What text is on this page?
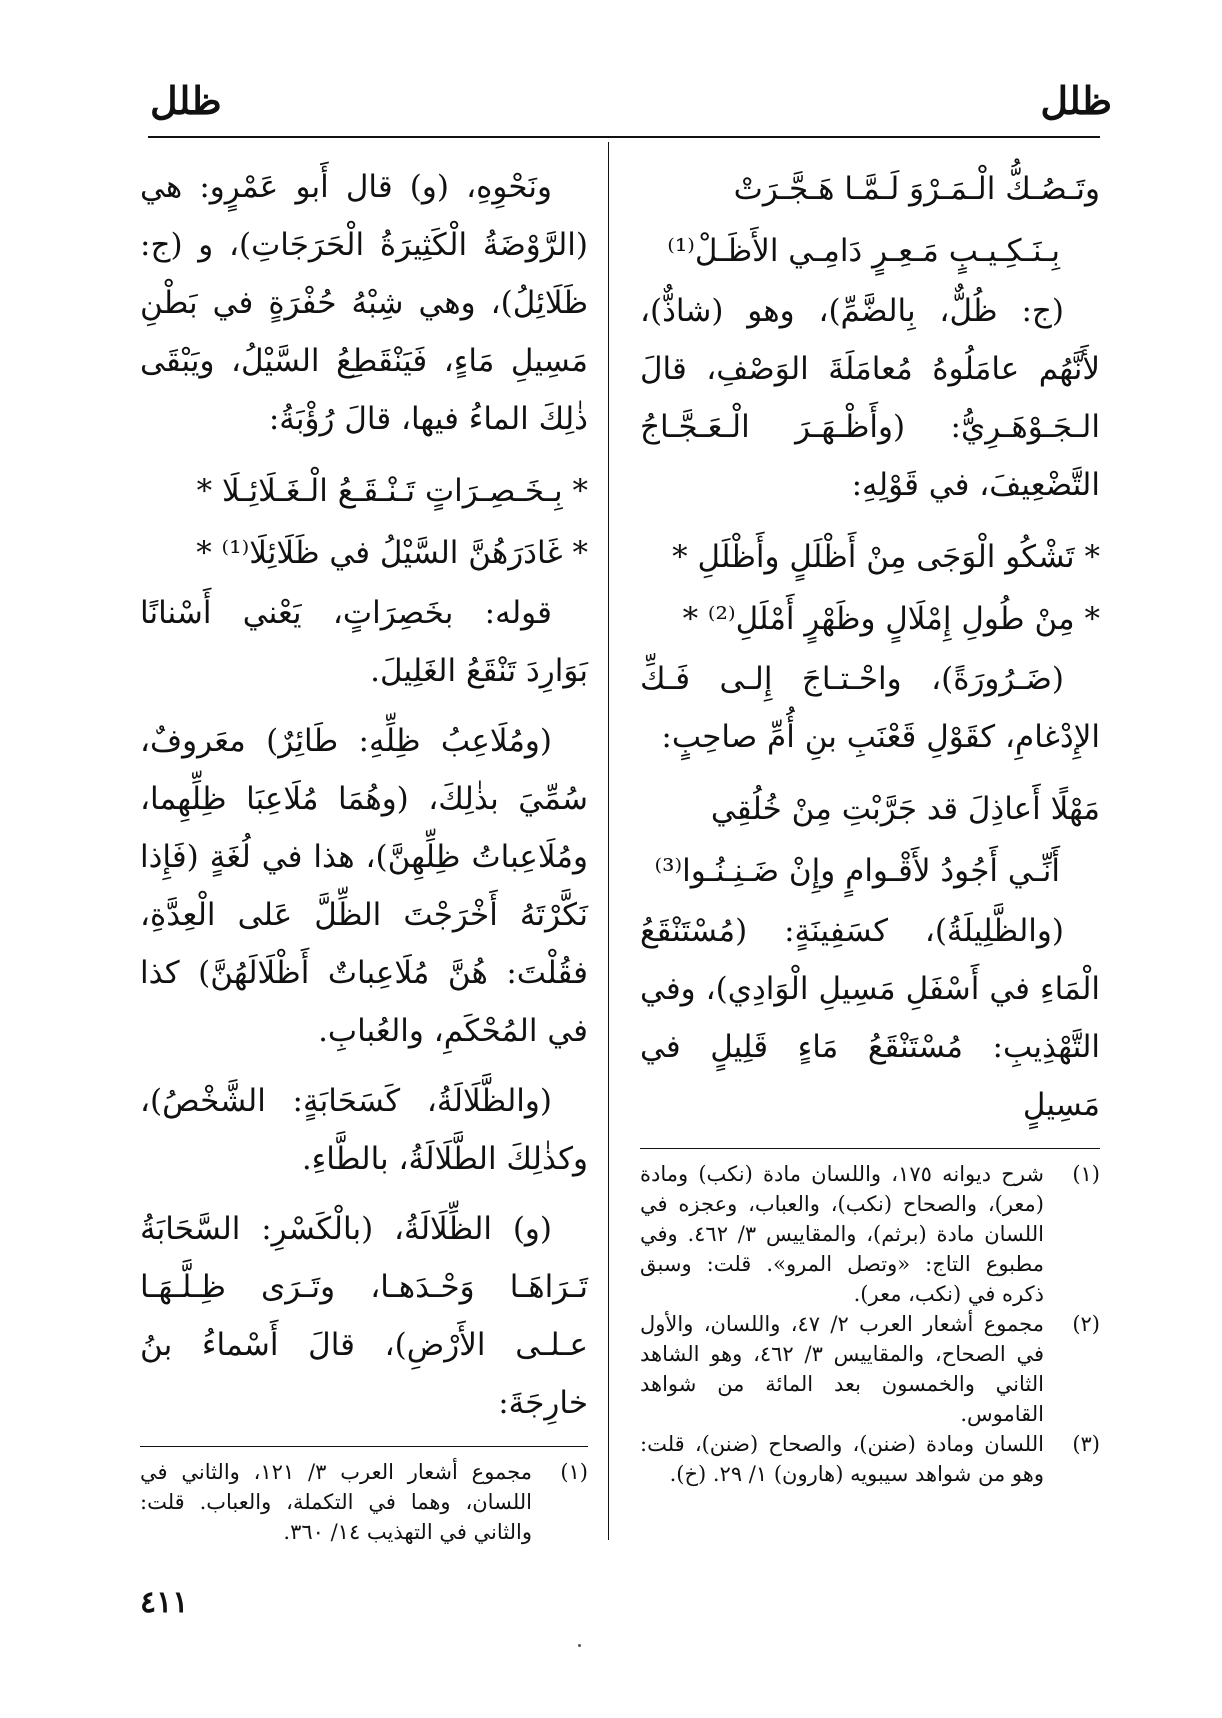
ظلل
ظلل

وتَـصُـكُّ الْـمَـرْوَ لَـمَّـا هَـجَّـرَتْ

بِـنَـكِـيـبٍ مَـعِـرٍ دَامِـي الأَظَـلْ⁽¹⁾

(ج: ظُلٌّ، بِالضَّمِّ)، وهو (شاذٌّ)، لأَنَّهُم عامَلُوهُ مُعامَلَةَ الوَصْفِ، قالَ الـجَـوْهَـرِيُّ: (وأَظْـهَـرَ الْـعَـجَّـاجُ التَّضْعِيفَ، في قَوْلِهِ:

* تَشْكُو الْوَجَى مِنْ أَظْلَلٍ وأَظْلَلِ *

* مِنْ طُولِ إِمْلَالٍ وظَهْرٍ أَمْلَلِ⁽²⁾ *

(ضَـرُورَةً)، واحْـتـاجَ إِلـى فَـكِّ الإِدْغامِ، كقَوْلِ قَعْنَبِ بنِ أُمِّ صاحِبٍ:

مَهْلًا أَعاذِلَ قد جَرَّبْتِ مِنْ خُلُقِي

أَنِّـي أَجُودُ لأَقْـوامٍ وإِنْ ضَـنِـنُـوا⁽³⁾

(والظَّلِيلَةُ)، كسَفِينَةٍ: (مُسْتَنْقَعُ الْمَاءِ في أَسْفَلِ مَسِيلِ الْوَادِي)، وفي التَّهْذِيبِ: مُسْتَنْقَعُ مَاءٍ قَلِيلٍ في مَسِيلٍ

(١)
شرح ديوانه ١٧٥، واللسان مادة (نكب) ومادة (معر)، والصحاح (نكب)، والعباب، وعجزه في اللسان مادة (برثم)، والمقاييس ٣/ ٤٦٢. وفي مطبوع التاج: «وتصل المرو». قلت: وسبق ذكره في (نكب، معر).

(٢)
مجموع أشعار العرب ٢/ ٤٧، واللسان، والأول في الصحاح، والمقاييس ٣/ ٤٦٢، وهو الشاهد الثاني والخمسون بعد المائة من شواهد القاموس.

(٣)
اللسان ومادة (ضنن)، والصحاح (ضنن)، قلت: وهو من شواهد سيبويه (هارون) ١/ ٢٩. (خ).

ونَحْوِهِ، (و) قال أَبو عَمْرٍو: هي (الرَّوْضَةُ الْكَثِيرَةُ الْحَرَجَاتِ)، و (ج: ظَلَائِلُ)، وهي شِبْهُ حُفْرَةٍ في بَطْنِ مَسِيلِ مَاءٍ، فَيَنْقَطِعُ السَّيْلُ، ويَبْقَى ذٰلِكَ الماءُ فيها، قالَ رُؤْبَةُ:

* بِـخَـصِـرَاتٍ تَـنْـقَـعُ الْـغَـلَائِـلَا *

* غَادَرَهُنَّ السَّيْلُ في ظَلَائِلَا⁽¹⁾ *

قوله: بخَصِرَاتٍ، يَعْني أَسْنانًا بَوَارِدَ تَنْقَعُ الغَلِيلَ.

(ومُلَاعِبُ ظِلِّهِ: طَائِرٌ) معَروفٌ، سُمِّيَ بذٰلِكَ، (وهُمَا مُلَاعِبَا ظِلِّهِما، ومُلَاعِباتُ ظِلِّهِنَّ)، هذا في لُغَةٍ (فَإِذا نَكَّرْتَهُ أَخْرَجْتَ الظِّلَّ عَلى الْعِدَّةِ، فقُلْتَ: هُنَّ مُلَاعِباتٌ أَظْلَالَهُنَّ) كذا في المُحْكَمِ، والعُبابِ.

(والظَّلَالَةُ، كَسَحَابَةٍ: الشَّخْصُ)، وكذٰلِكَ الطَّلَالَةُ، بالطَّاءِ.

(و) الظِّلَالَةُ، (بالْكَسْرِ: السَّحَابَةُ تَـرَاهَـا وَحْـدَهـا، وتَـرَى ظِـلَّـهَـا عـلـى الأَرْضِ)، قالَ أَسْماءُ بنُ خارِجَةَ:

(١)
مجموع أشعار العرب ٣/ ١٢١، والثاني في اللسان، وهما في التكملة، والعباب. قلت: والثاني في التهذيب ١٤/ ٣٦٠.

٤١١
